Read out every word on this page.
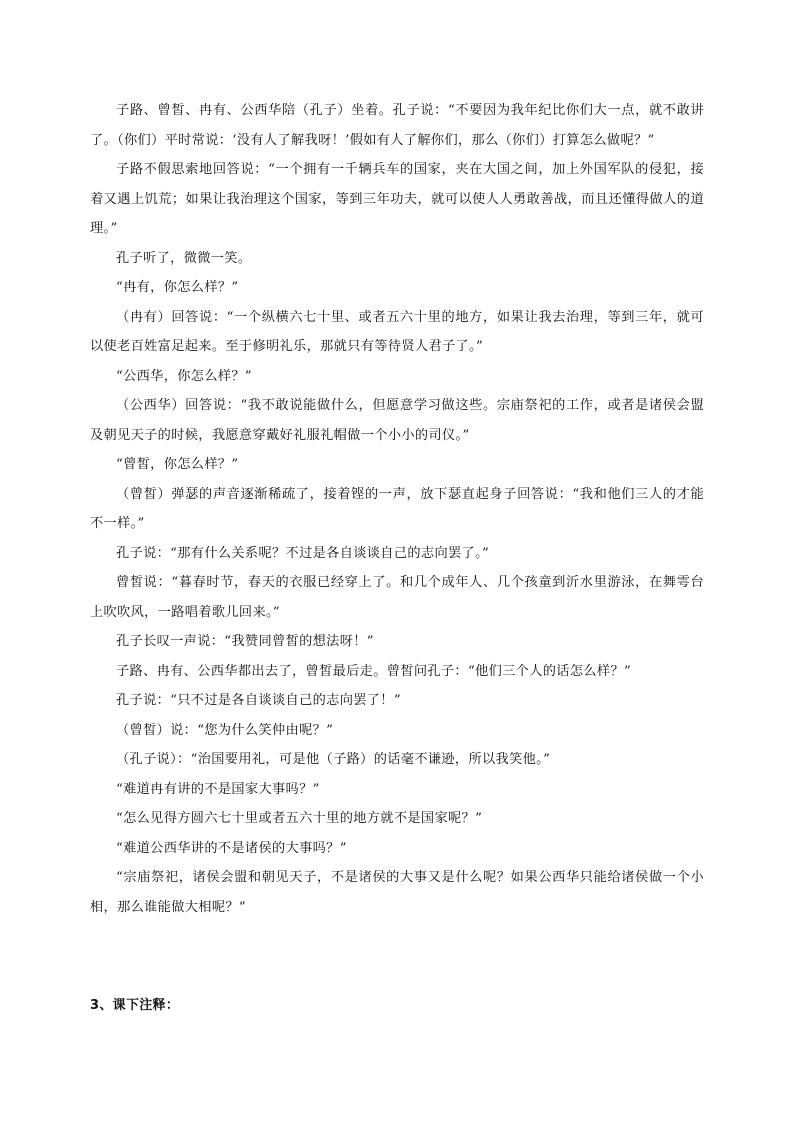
子路、曾皙、冉有、公西华陪（孔子）坐着。孔子说：“不要因为我年纪比你们大一点，就不敢讲了。（你们）平时常说：‘没有人了解我呀！’假如有人了解你们，那么（你们）打算怎么做呢？”

子路不假思索地回答说：“一个拥有一千辆兵车的国家，夹在大国之间，加上外国军队的侵犯，接着又遇上饥荒；如果让我治理这个国家，等到三年功夫，就可以使人人勇敢善战，而且还懂得做人的道理。”

孔子听了，微微一笑。

“冉有，你怎么样？”

（冉有）回答说：“一个纵横六七十里、或者五六十里的地方，如果让我去治理，等到三年，就可以使老百姓富足起来。至于修明礼乐，那就只有等待贤人君子了。”

“公西华，你怎么样？”

（公西华）回答说：“我不敢说能做什么，但愿意学习做这些。宗庙祭祀的工作，或者是诸侯会盟及朝见天子的时候，我愿意穿戴好礼服礼帽做一个小小的司仪。”

“曾皙，你怎么样？”

（曾皙）弹瑟的声音逐渐稀疏了，接着铿的一声，放下瑟直起身子回答说：“我和他们三人的才能不一样。”

孔子说：“那有什么关系呢？不过是各自谈谈自己的志向罢了。”

曾皙说：“暮春时节，春天的衣服已经穿上了。和几个成年人、几个孩童到沂水里游泳，在舞雩台上吹吹风，一路唱着歌儿回来。”

孔子长叹一声说：“我赞同曾皙的想法呀！”

子路、冉有、公西华都出去了，曾皙最后走。曾皙问孔子：“他们三个人的话怎么样？”

孔子说：“只不过是各自谈谈自己的志向罢了！”

（曾皙）说：“您为什么笑仲由呢？”

（孔子说）：“治国要用礼，可是他（子路）的话毫不谦逊，所以我笑他。”

“难道冉有讲的不是国家大事吗？”

“怎么见得方圆六七十里或者五六十里的地方就不是国家呢？”

“难道公西华讲的不是诸侯的大事吗？”

“宗庙祭祀，诸侯会盟和朝见天子，不是诸侯的大事又是什么呢？如果公西华只能给诸侯做一个小相，那么谁能做大相呢？”

3、课下注释：
